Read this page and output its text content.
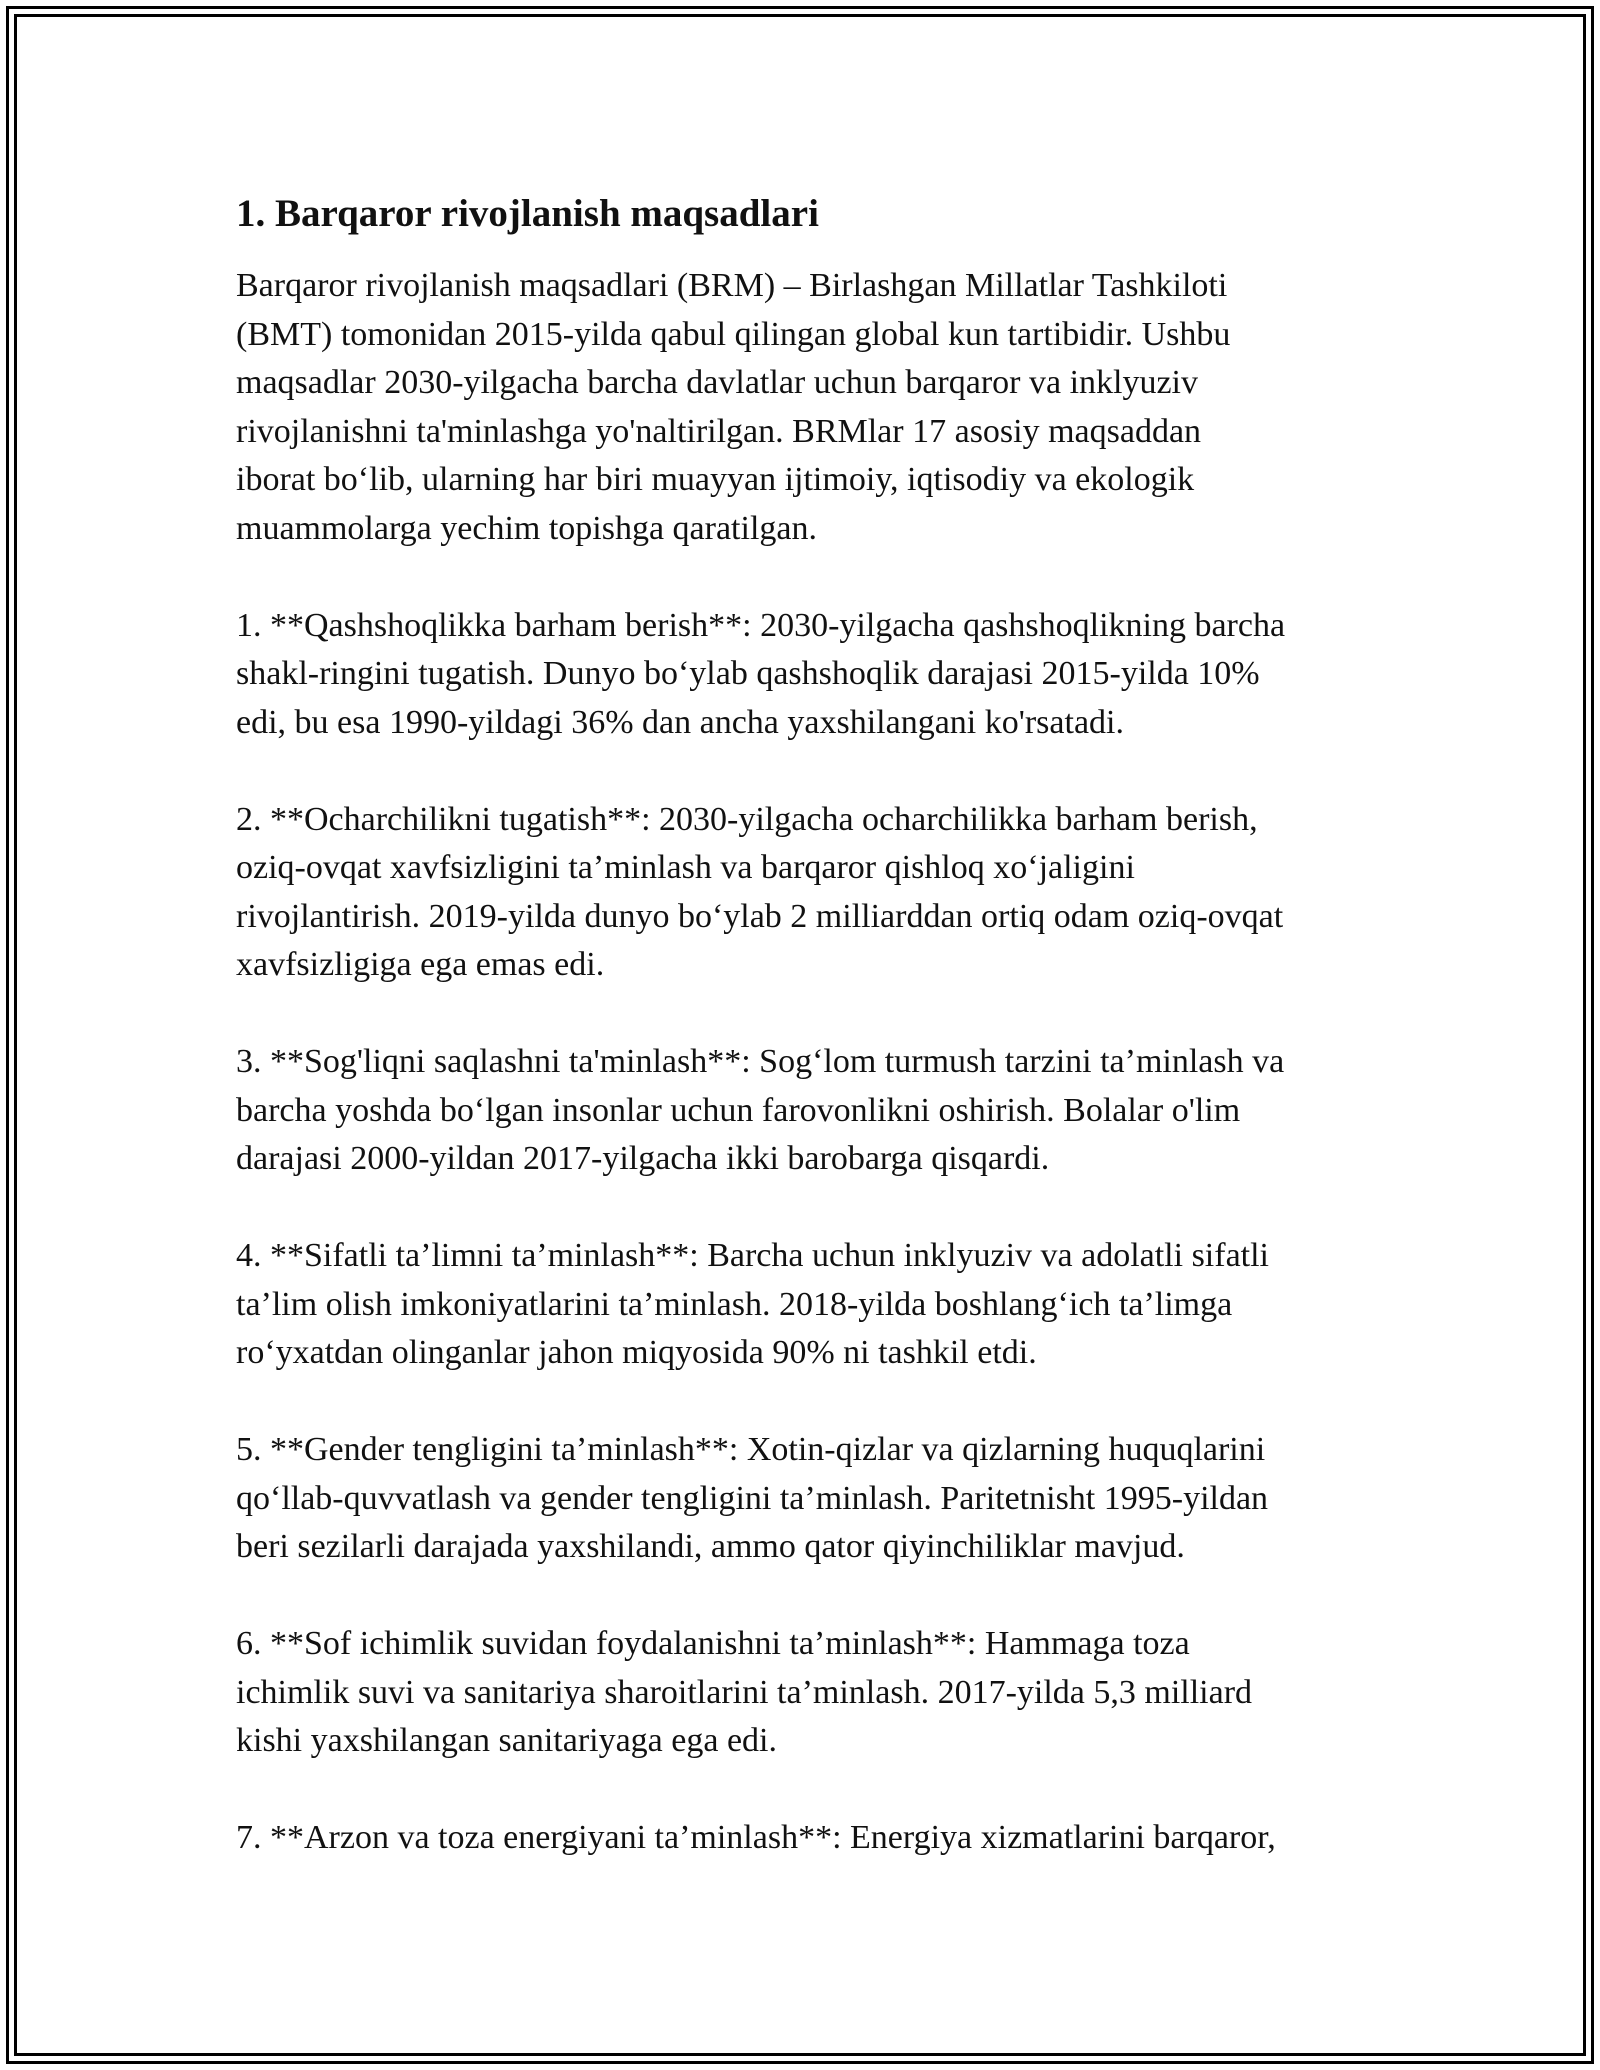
1. Barqaror rivojlanish maqsadlari

Barqaror rivojlanish maqsadlari (BRM) – Birlashgan Millatlar Tashkiloti
(BMT) tomonidan 2015-yilda qabul qilingan global kun tartibidir. Ushbu
maqsadlar 2030-yilgacha barcha davlatlar uchun barqaror va inklyuziv
rivojlanishni ta'minlashga yo'naltirilgan. BRMlar 17 asosiy maqsaddan
iborat bo‘lib, ularning har biri muayyan ijtimoiy, iqtisodiy va ekologik
muammolarga yechim topishga qaratilgan.

1. **Qashshoqlikka barham berish**: 2030-yilgacha qashshoqlikning barcha
shakl-ringini tugatish. Dunyo bo‘ylab qashshoqlik darajasi 2015-yilda 10%
edi, bu esa 1990-yildagi 36% dan ancha yaxshilangani ko'rsatadi.

2. **Ocharchilikni tugatish**: 2030-yilgacha ocharchilikka barham berish,
oziq-ovqat xavfsizligini ta’minlash va barqaror qishloq xo‘jaligini
rivojlantirish. 2019-yilda dunyo bo‘ylab 2 milliarddan ortiq odam oziq-ovqat
xavfsizligiga ega emas edi.

3. **Sog'liqni saqlashni ta'minlash**: Sog‘lom turmush tarzini ta’minlash va
barcha yoshda bo‘lgan insonlar uchun farovonlikni oshirish. Bolalar o'lim
darajasi 2000-yildan 2017-yilgacha ikki barobarga qisqardi.

4. **Sifatli ta’limni ta’minlash**: Barcha uchun inklyuziv va adolatli sifatli
ta’lim olish imkoniyatlarini ta’minlash. 2018-yilda boshlang‘ich ta’limga
ro‘yxatdan olinganlar jahon miqyosida 90% ni tashkil etdi.

5. **Gender tengligini ta’minlash**: Xotin-qizlar va qizlarning huquqlarini
qo‘llab-quvvatlash va gender tengligini ta’minlash. Paritetnisht 1995-yildan
beri sezilarli darajada yaxshilandi, ammo qator qiyinchiliklar mavjud.

6. **Sof ichimlik suvidan foydalanishni ta’minlash**: Hammaga toza
ichimlik suvi va sanitariya sharoitlarini ta’minlash. 2017-yilda 5,3 milliard
kishi yaxshilangan sanitariyaga ega edi.

7. **Arzon va toza energiyani ta’minlash**: Energiya xizmatlarini barqaror,
